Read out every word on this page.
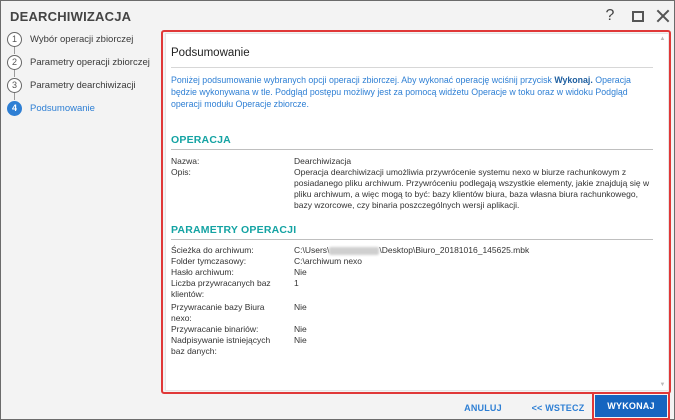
DEARCHIWIZACJA	?
1	Wybór operacji zbiorczej
2	Parametry operacji zbiorczej
3	Parametry dearchiwizacji
4	Podsumowanie
Podsumowanie
Poniżej podsumowanie wybranych opcji operacji zbiorczej. Aby wykonać operację wciśnij przycisk Wykonaj. Operacja będzie wykonywana w tle. Podgląd postępu możliwy jest za pomocą widżetu Operacje w toku oraz w widoku Podgląd operacji modułu Operacje zbiorcze.
OPERACJA
Nazwa:	Dearchiwizacja
Opis:	Operacja dearchiwizacji umożliwia przywrócenie systemu nexo w biurze rachunkowym z posiadanego pliku archiwum. Przywróceniu podlegają wszystkie elementy, jakie znajdują się w pliku archiwum, a więc mogą to być: bazy klientów biura, baza własna biura rachunkowego, bazy wzorcowe, czy binaria poszczególnych wersji aplikacji.
PARAMETRY OPERACJI
Ścieżka do archiwum:	C:\Users\	\Desktop\Biuro_20181016_145625.mbk
Folder tymczasowy:	C:\archiwum nexo
Hasło archiwum:	Nie
Liczba przywracanych baz klientów:
1
Przywracanie bazy Biura nexo:
Nie
Przywracanie binariów:	Nie
Nadpisywanie istniejących baz danych:
Nie
▲
▼
ANULUJ	<< WSTECZ	WYKONAJ
